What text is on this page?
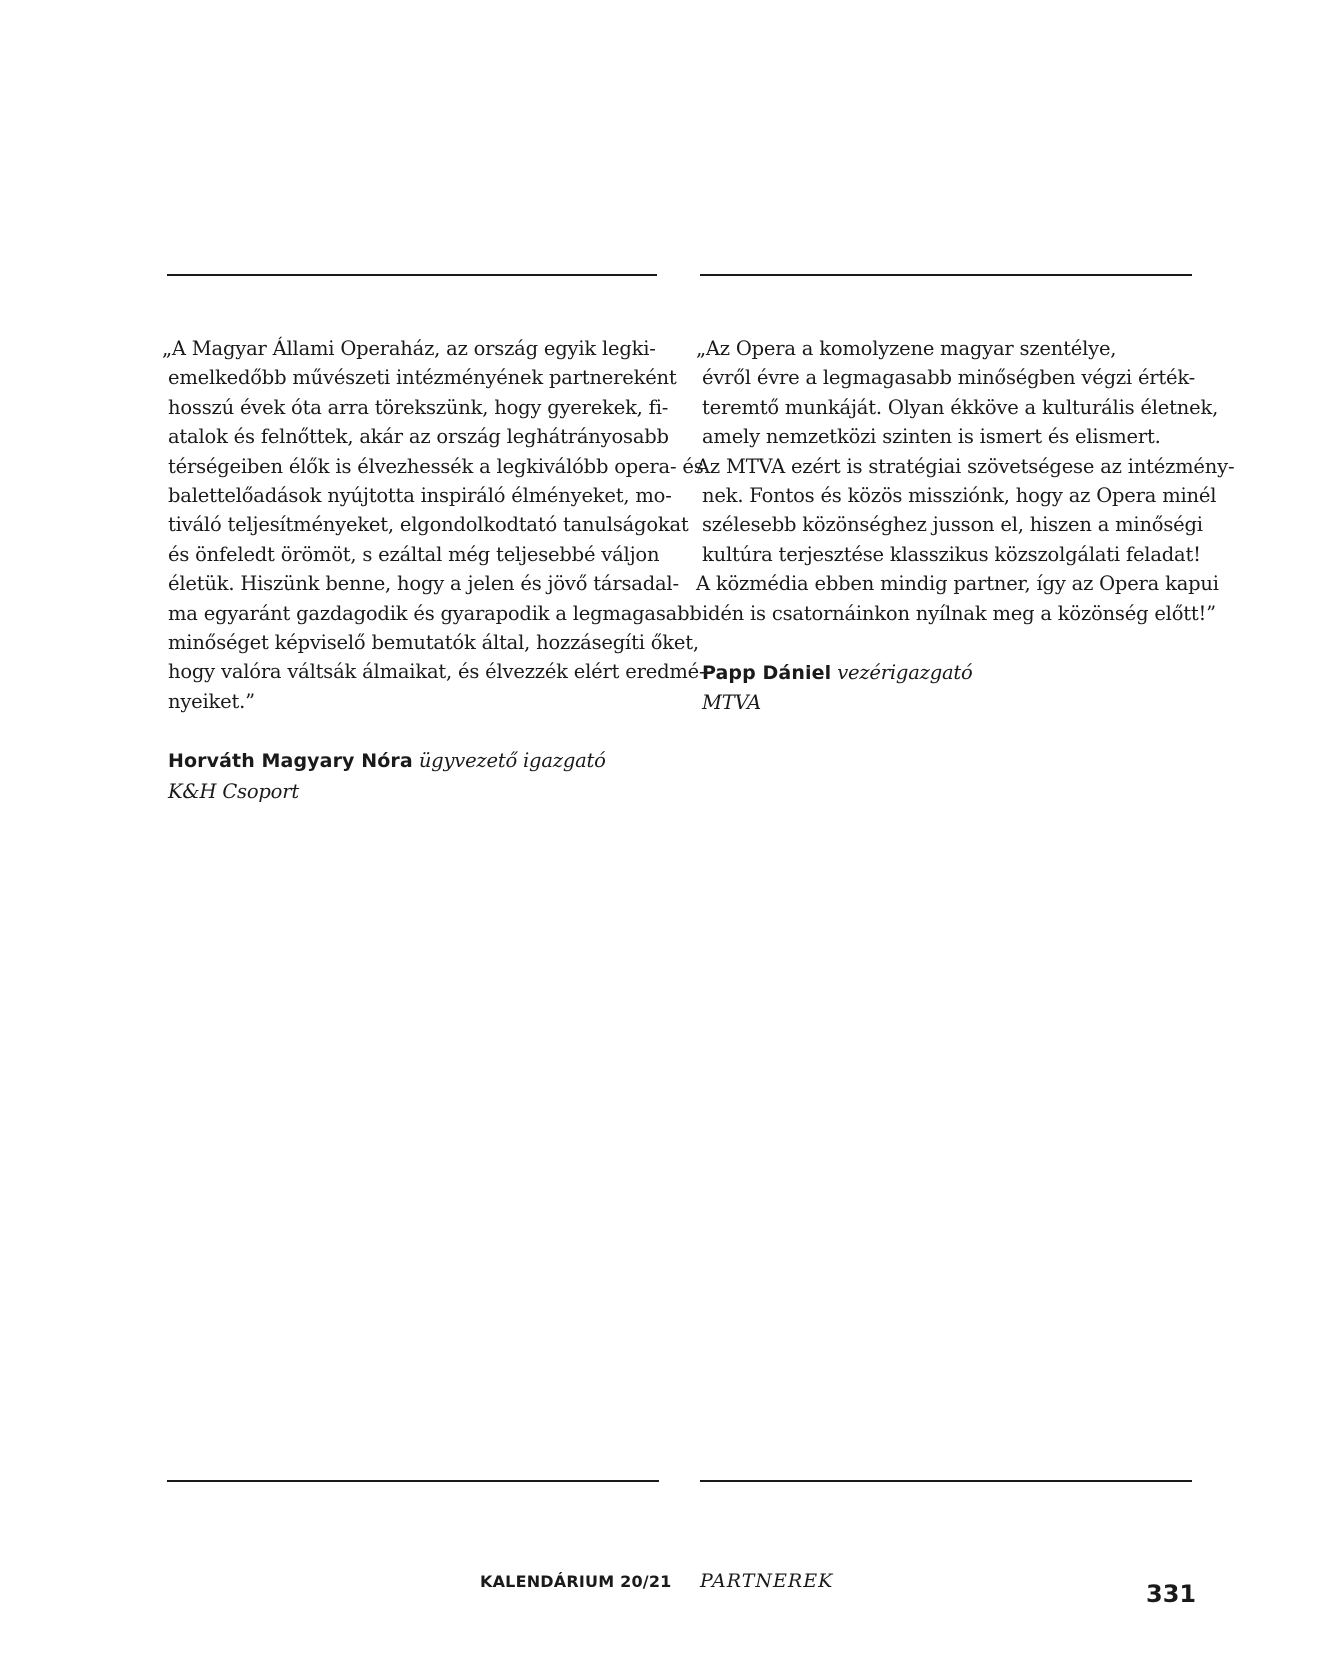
„A Magyar Állami Operaház, az ország egyik legki-
emelkedőbb művészeti intézményének partnereként
hosszú évek óta arra törekszünk, hogy gyerekek, fi-
atalok és felnőttek, akár az ország leghátrányosabb
térségeiben élők is élvezhessék a legkiválóbb opera- és
balettelőadások nyújtotta inspiráló élményeket, mo-
tiváló teljesítményeket, elgondolkodtató tanulságokat
és önfeledt örömöt, s ezáltal még teljesebbé váljon
életük. Hiszünk benne, hogy a jelen és jövő társadal-
ma egyaránt gazdagodik és gyarapodik a legmagasabb
minőséget képviselő bemutatók által, hozzásegíti őket,
hogy valóra váltsák álmaikat, és élvezzék elért eredmé-
nyeiket.”
Horváth Magyary Nóra ügyvezető igazgató
K&H Csoport
„Az Opera a komolyzene magyar szentélye,
évről évre a legmagasabb minőségben végzi érték-
teremtő munkáját. Olyan ékköve a kulturális életnek,
amely nemzetközi szinten is ismert és elismert.
Az MTVA ezért is stratégiai szövetségese az intézmény-
nek. Fontos és közös missziónk, hogy az Opera minél
szélesebb közönséghez jusson el, hiszen a minőségi
kultúra terjesztése klasszikus közszolgálati feladat!
A közmédia ebben mindig partner, így az Opera kapui
idén is csatornáinkon nyílnak meg a közönség előtt!”
Papp Dániel vezérigazgató
MTVA
KALENDÁRIUM 20/21 PARTNEREK	331
